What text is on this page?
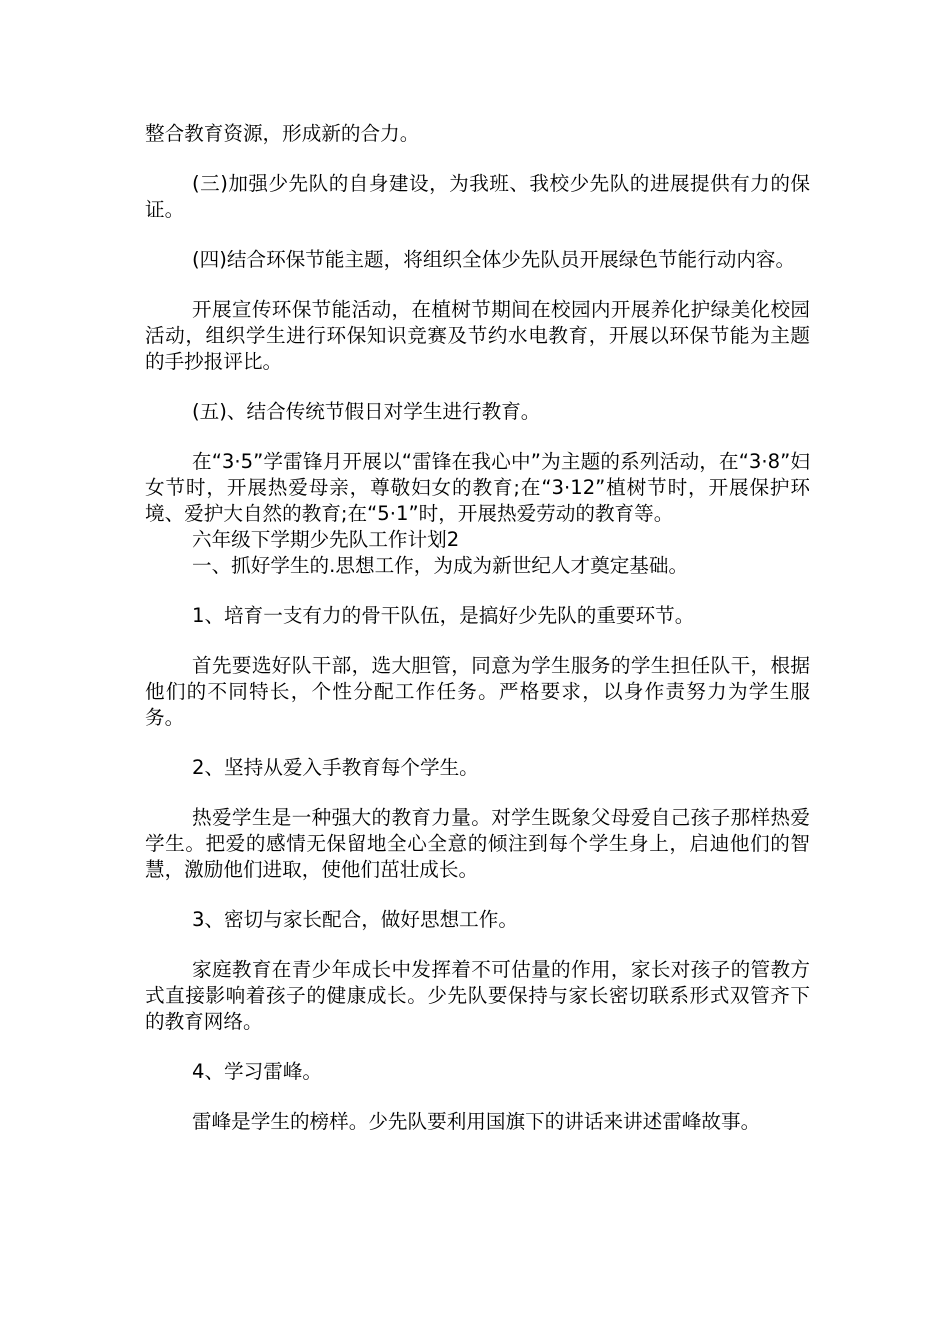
整合教育资源，形成新的合力。

(三)加强少先队的自身建设，为我班、我校少先队的进展提供有力的保证。

(四)结合环保节能主题，将组织全体少先队员开展绿色节能行动内容。

开展宣传环保节能活动，在植树节期间在校园内开展养化护绿美化校园活动，组织学生进行环保知识竞赛及节约水电教育，开展以环保节能为主题的手抄报评比。

(五)、结合传统节假日对学生进行教育。

在“3·5”学雷锋月开展以“雷锋在我心中”为主题的系列活动，在“3·8”妇女节时，开展热爱母亲，尊敬妇女的教育;在“3·12”植树节时，开展保护环境、爱护大自然的教育;在“5·1”时，开展热爱劳动的教育等。

六年级下学期少先队工作计划2

一、抓好学生的.思想工作，为成为新世纪人才奠定基础。

1、培育一支有力的骨干队伍，是搞好少先队的重要环节。

首先要选好队干部，选大胆管，同意为学生服务的学生担任队干，根据他们的不同特长，个性分配工作任务。严格要求，以身作责努力为学生服务。

2、坚持从爱入手教育每个学生。

热爱学生是一种强大的教育力量。对学生既象父母爱自己孩子那样热爱学生。把爱的感情无保留地全心全意的倾注到每个学生身上，启迪他们的智慧，激励他们进取，使他们茁壮成长。

3、密切与家长配合，做好思想工作。

家庭教育在青少年成长中发挥着不可估量的作用，家长对孩子的管教方式直接影响着孩子的健康成长。少先队要保持与家长密切联系形式双管齐下的教育网络。

4、学习雷峰。

雷峰是学生的榜样。少先队要利用国旗下的讲话来讲述雷峰故事。
